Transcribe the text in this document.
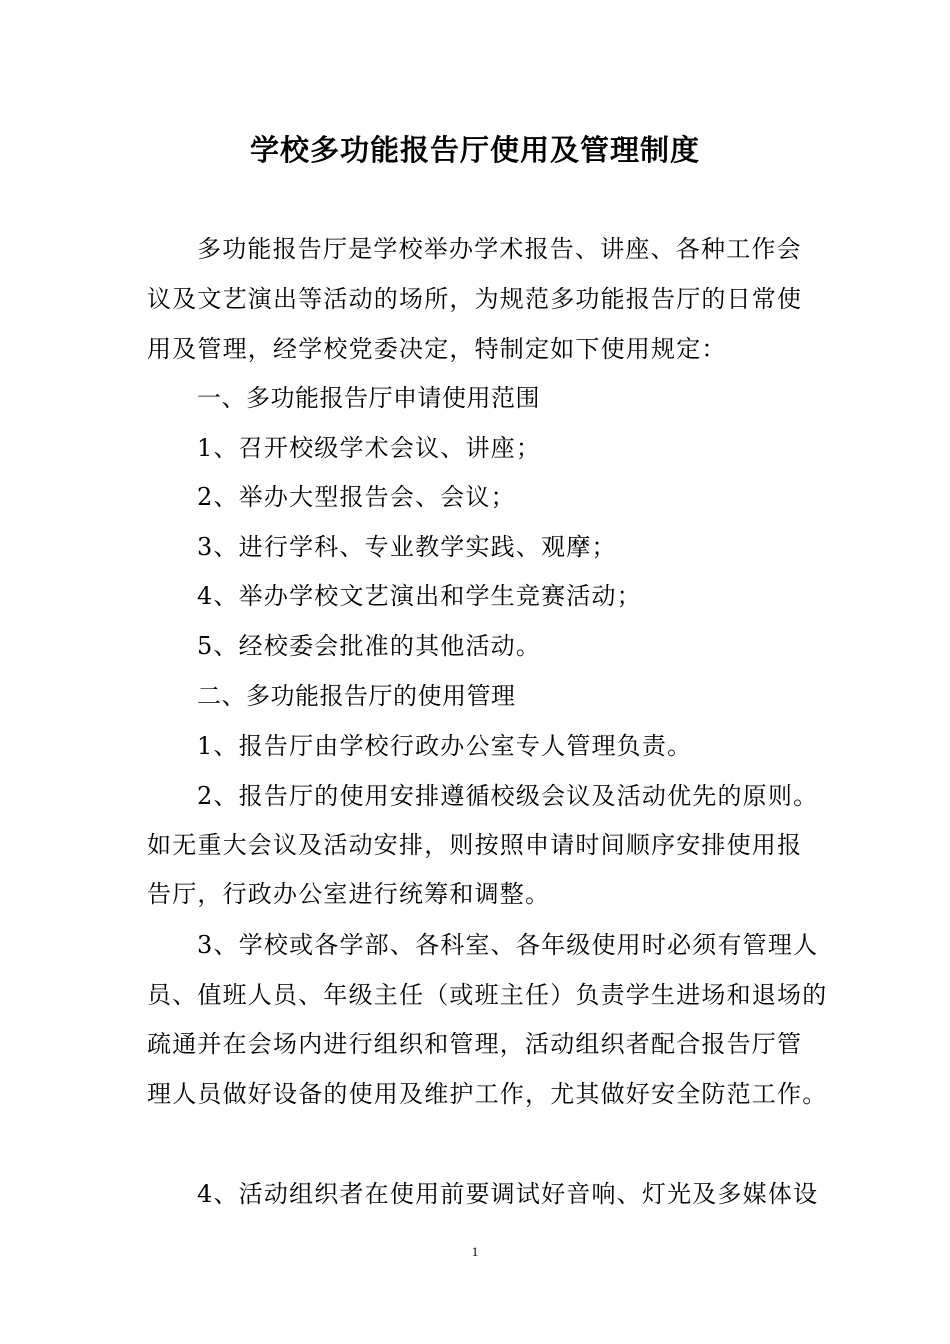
学校多功能报告厅使用及管理制度
多功能报告厅是学校举办学术报告、讲座、各种工作会
议及文艺演出等活动的场所，为规范多功能报告厅的日常使
用及管理，经学校党委决定，特制定如下使用规定：
一、多功能报告厅申请使用范围
1、召开校级学术会议、讲座；
2、举办大型报告会、会议；
3、进行学科、专业教学实践、观摩；
4、举办学校文艺演出和学生竞赛活动；
5、经校委会批准的其他活动。
二、多功能报告厅的使用管理
1、报告厅由学校行政办公室专人管理负责。
2、报告厅的使用安排遵循校级会议及活动优先的原则。
如无重大会议及活动安排，则按照申请时间顺序安排使用报
告厅，行政办公室进行统筹和调整。
3、学校或各学部、各科室、各年级使用时必须有管理人
员、值班人员、年级主任（或班主任）负责学生进场和退场的
疏通并在会场内进行组织和管理，活动组织者配合报告厅管
理人员做好设备的使用及维护工作，尤其做好安全防范工作。
4、活动组织者在使用前要调试好音响、灯光及多媒体设
1
